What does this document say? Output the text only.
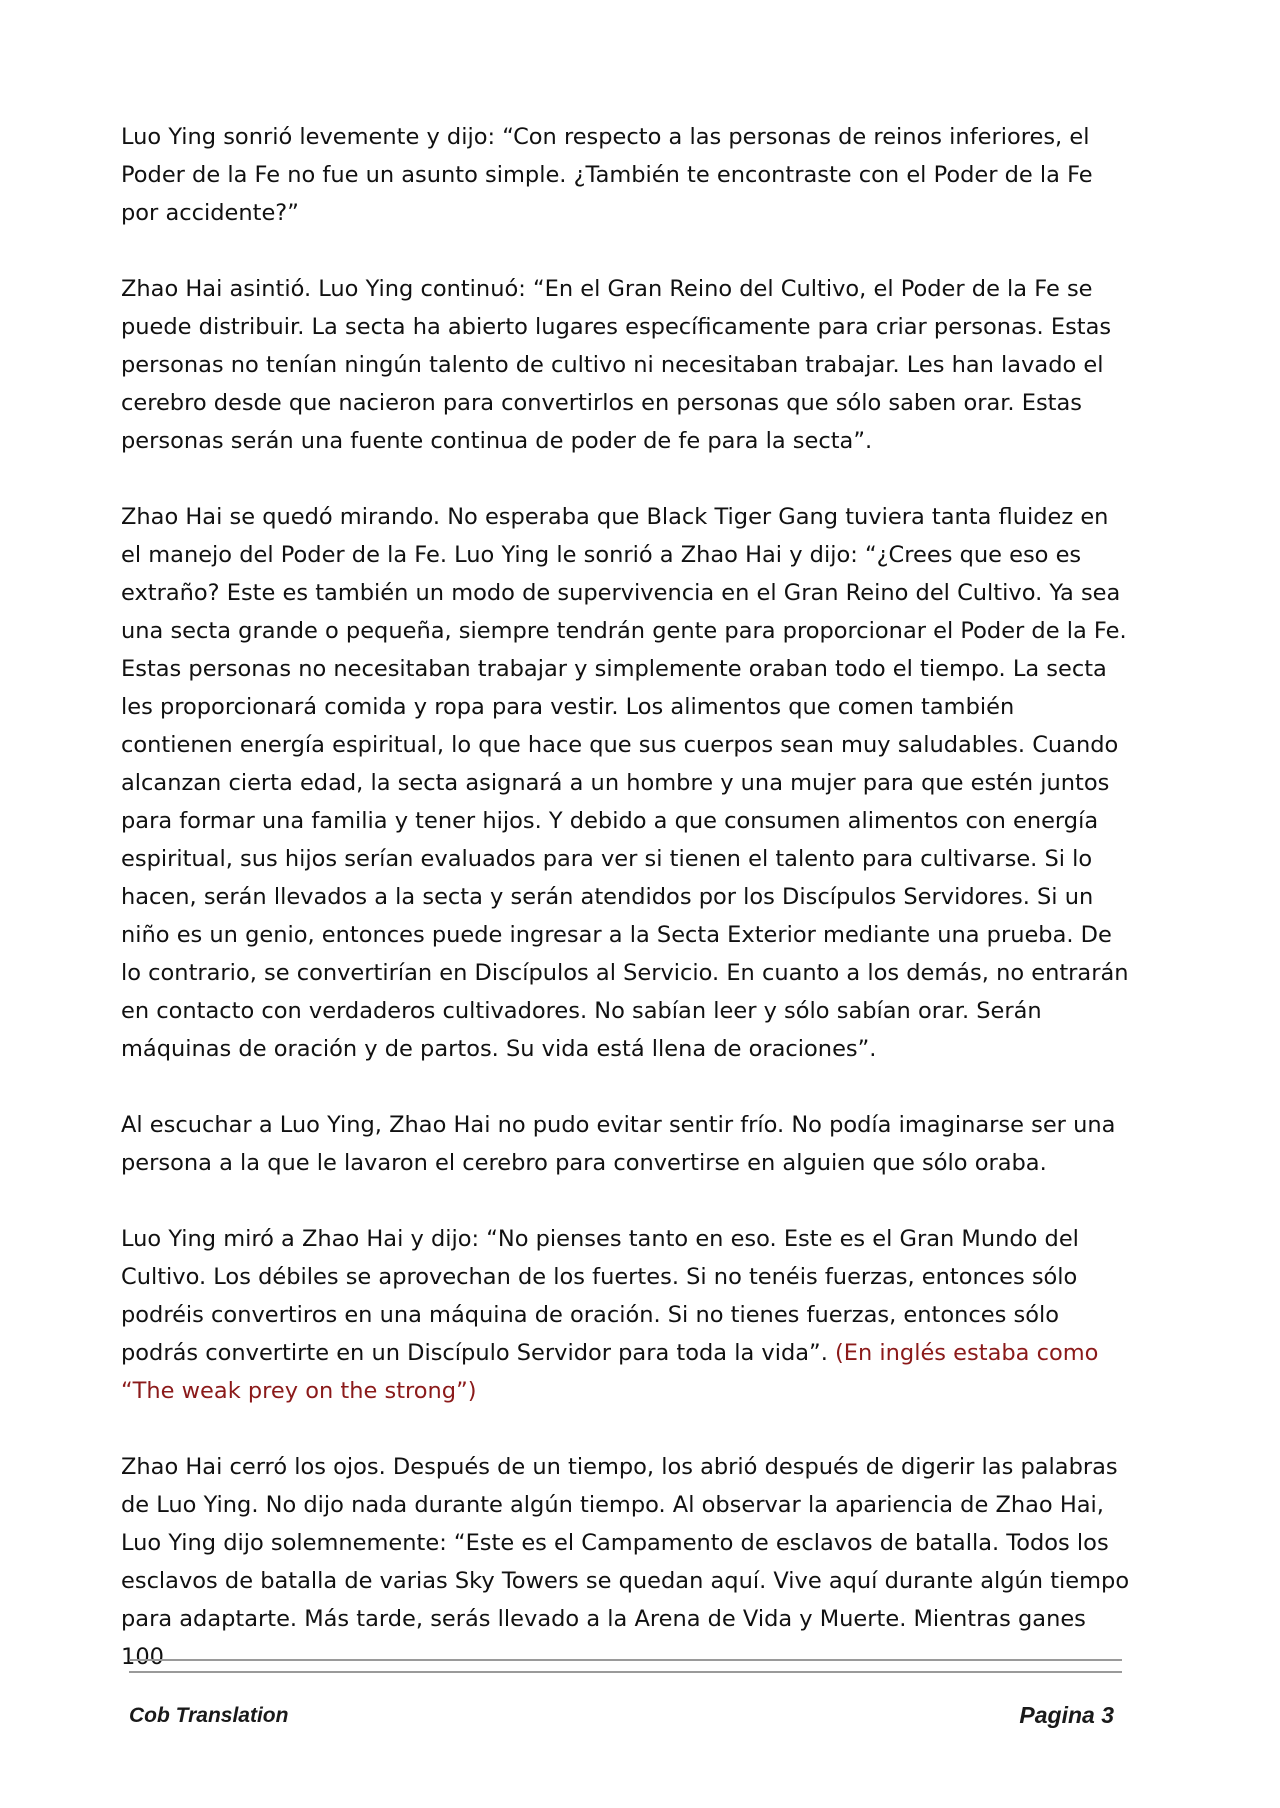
Luo Ying sonrió levemente y dijo: “Con respecto a las personas de reinos inferiores, el Poder de la Fe no fue un asunto simple. ¿También te encontraste con el Poder de la Fe por accidente?”

Zhao Hai asintió. Luo Ying continuó: “En el Gran Reino del Cultivo, el Poder de la Fe se puede distribuir. La secta ha abierto lugares específicamente para criar personas. Estas personas no tenían ningún talento de cultivo ni necesitaban trabajar. Les han lavado el cerebro desde que nacieron para convertirlos en personas que sólo saben orar. Estas personas serán una fuente continua de poder de fe para la secta”.

Zhao Hai se quedó mirando. No esperaba que Black Tiger Gang tuviera tanta fluidez en el manejo del Poder de la Fe. Luo Ying le sonrió a Zhao Hai y dijo: “¿Crees que eso es extraño? Este es también un modo de supervivencia en el Gran Reino del Cultivo. Ya sea una secta grande o pequeña, siempre tendrán gente para proporcionar el Poder de la Fe. Estas personas no necesitaban trabajar y simplemente oraban todo el tiempo. La secta les proporcionará comida y ropa para vestir. Los alimentos que comen también contienen energía espiritual, lo que hace que sus cuerpos sean muy saludables. Cuando alcanzan cierta edad, la secta asignará a un hombre y una mujer para que estén juntos para formar una familia y tener hijos. Y debido a que consumen alimentos con energía espiritual, sus hijos serían evaluados para ver si tienen el talento para cultivarse. Si lo hacen, serán llevados a la secta y serán atendidos por los Discípulos Servidores. Si un niño es un genio, entonces puede ingresar a la Secta Exterior mediante una prueba. De lo contrario, se convertirían en Discípulos al Servicio. En cuanto a los demás, no entrarán en contacto con verdaderos cultivadores. No sabían leer y sólo sabían orar. Serán máquinas de oración y de partos. Su vida está llena de oraciones”.

Al escuchar a Luo Ying, Zhao Hai no pudo evitar sentir frío. No podía imaginarse ser una persona a la que le lavaron el cerebro para convertirse en alguien que sólo oraba.

Luo Ying miró a Zhao Hai y dijo: “No pienses tanto en eso. Este es el Gran Mundo del Cultivo. Los débiles se aprovechan de los fuertes. Si no tenéis fuerzas, entonces sólo podréis convertiros en una máquina de oración. Si no tienes fuerzas, entonces sólo podrás convertirte en un Discípulo Servidor para toda la vida”. (En inglés estaba como “The weak prey on the strong”)

Zhao Hai cerró los ojos. Después de un tiempo, los abrió después de digerir las palabras de Luo Ying. No dijo nada durante algún tiempo. Al observar la apariencia de Zhao Hai, Luo Ying dijo solemnemente: “Este es el Campamento de esclavos de batalla. Todos los esclavos de batalla de varias Sky Towers se quedan aquí. Vive aquí durante algún tiempo para adaptarte. Más tarde, serás llevado a la Arena de Vida y Muerte. Mientras ganes 100

Cob Translation	Pagina 3
